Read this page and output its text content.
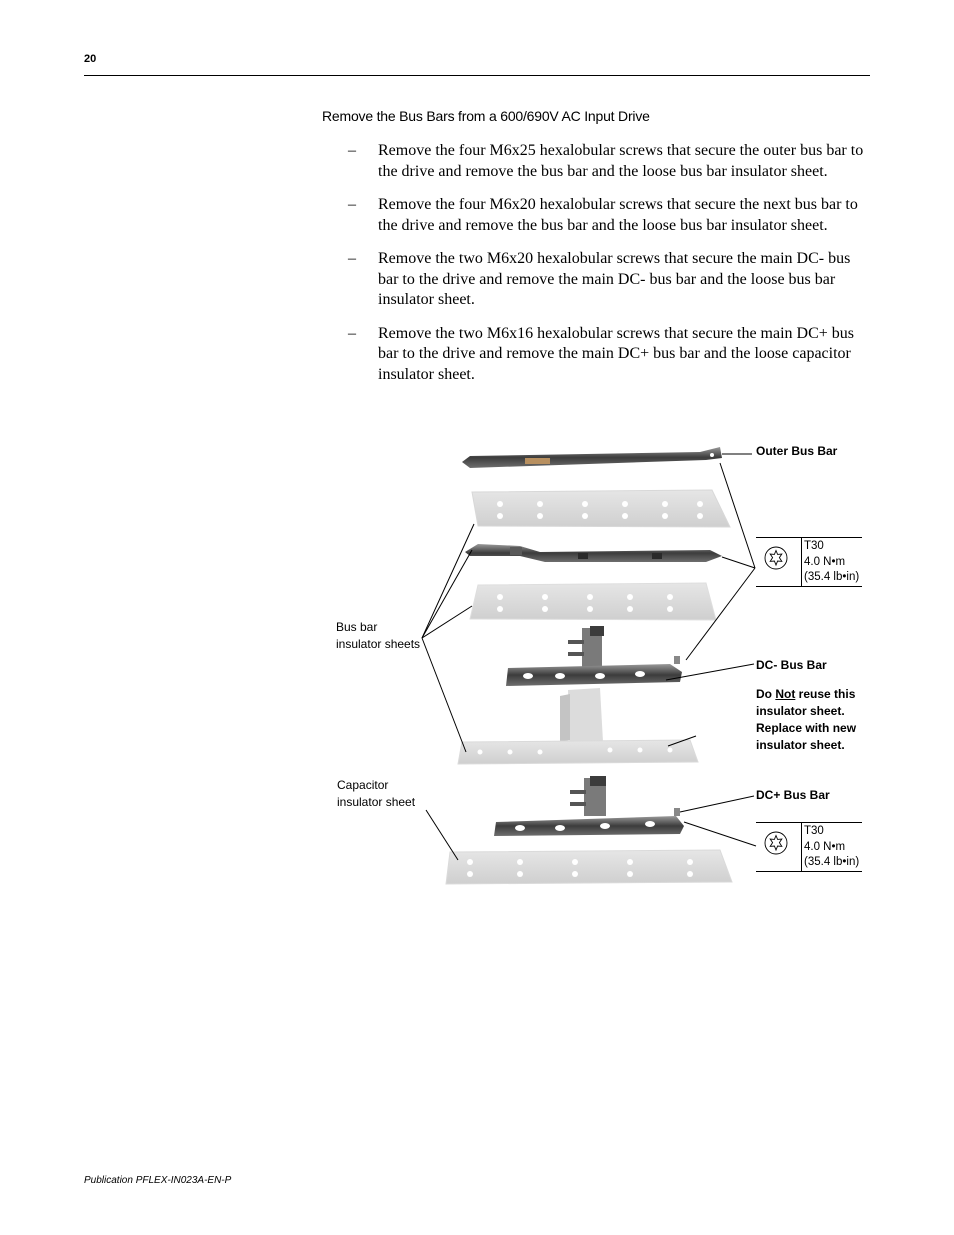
20
Remove the Bus Bars from a 600/690V AC Input Drive
– Remove the four M6x25 hexalobular screws that secure the outer bus bar to the drive and remove the bus bar and the loose bus bar insulator sheet.
– Remove the four M6x20 hexalobular screws that secure the next bus bar to the drive and remove the bus bar and the loose bus bar insulator sheet.
– Remove the two M6x20 hexalobular screws that secure the main DC- bus bar to the drive and remove the main DC- bus bar and the loose bus bar insulator sheet.
– Remove the two M6x16 hexalobular screws that secure the main DC+ bus bar to the drive and remove the main DC+ bus bar and the loose capacitor insulator sheet.
Outer Bus Bar
T30
4.0 N•m
(35.4 lb•in)
Bus bar
insulator sheets
DC- Bus Bar
Do Not reuse this
insulator sheet.
Replace with new
insulator sheet.
Capacitor
insulator sheet	DC+ Bus Bar
T30
4.0 N•m
(35.4 lb•in)
Publication PFLEX-IN023A-EN-P
